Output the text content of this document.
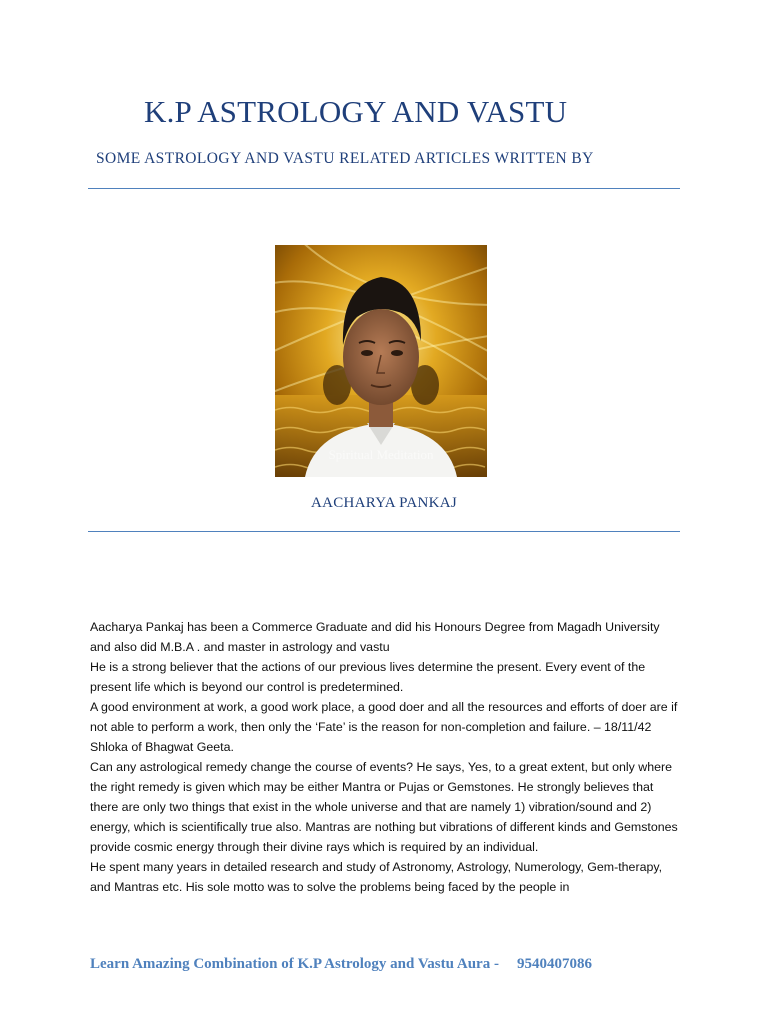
K.P ASTROLOGY AND VASTU
SOME ASTROLOGY AND VASTU RELATED ARTICLES WRITTEN BY
Spiritual Meditation
AACHARYA PANKAJ

Aacharya Pankaj has been a Commerce Graduate and did his Honours Degree from Magadh University and also did M.B.A . and master in astrology and vastu

He is a strong believer that the actions of our previous lives determine the present. Every event of the present life which is beyond our control is predetermined.

A good environment at work, a good work place, a good doer and all the resources and efforts of doer are if not able to perform a work, then only the ‘Fate’ is the reason for non-completion and failure. – 18/11/42 Shloka of Bhagwat Geeta.

Can any astrological remedy change the course of events? He says, Yes, to a great extent, but only where the right remedy is given which may be either Mantra or Pujas or Gemstones. He strongly believes that there are only two things that exist in the whole universe and that are namely 1) vibration/sound and 2) energy, which is scientifically true also. Mantras are nothing but vibrations of different kinds and Gemstones provide cosmic energy through their divine rays which is required by an individual.

He spent many years in detailed research and study of Astronomy, Astrology, Numerology, Gem-therapy, and Mantras etc. His sole motto was to solve the problems being faced by the people in

Learn Amazing Combination of K.P Astrology and Vastu Aura - 9540407086
